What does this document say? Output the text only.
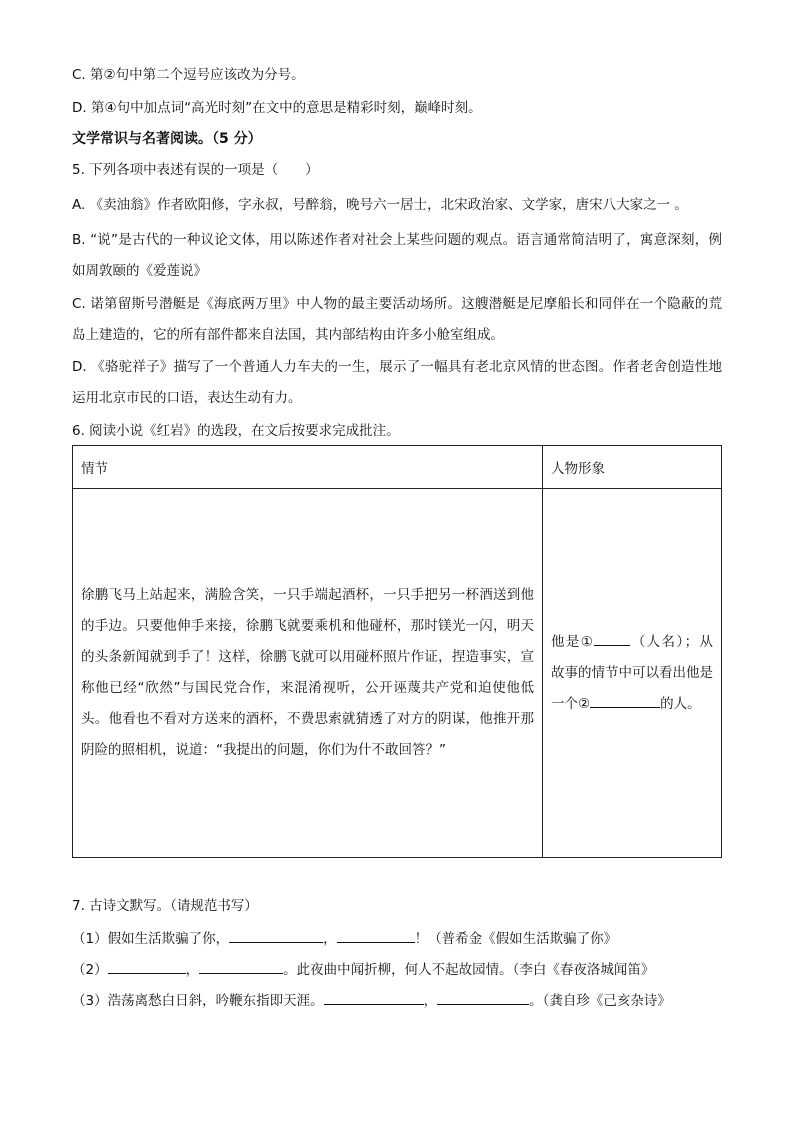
C. 第②句中第二个逗号应该改为分号。
D. 第④句中加点词“高光时刻”在文中的意思是精彩时刻，巅峰时刻。
文学常识与名著阅读。（5 分）
5. 下列各项中表述有误的一项是（　　）
A. 《卖油翁》作者欧阳修，字永叔，号醉翁，晚号六一居士，北宋政治家、文学家，唐宋八大家之一 。
B. “说”是古代的一种议论文体，用以陈述作者对社会上某些问题的观点。语言通常简洁明了，寓意深刻，例如周敦颐的《爱莲说》
C. 诺第留斯号潜艇是《海底两万里》中人物的最主要活动场所。这艘潜艇是尼摩船长和同伴在一个隐蔽的荒岛上建造的，它的所有部件都来自法国，其内部结构由许多小舱室组成。
D. 《骆驼祥子》描写了一个普通人力车夫的一生，展示了一幅具有老北京风情的世态图。作者老舍创造性地运用北京市民的口语，表达生动有力。
6. 阅读小说《红岩》的选段，在文后按要求完成批注。
情节	人物形象

徐鹏飞马上站起来，满脸含笑，一只手端起酒杯，一只手把另一杯酒送到他的手边。只要他伸手来接，徐鹏飞就要乘机和他碰杯，那时镁光一闪，明天的头条新闻就到手了！这样，徐鹏飞就可以用碰杯照片作证，捏造事实，宣称他已经“欣然”与国民党合作，来混淆视听，公开诬蔑共产党和迫使他低头。他看也不看对方送来的酒杯，不费思索就猜透了对方的阴谋，他推开那阴险的照相机，说道：“我提出的问题，你们为什不敢回答？”	他是① （人名）；从故事的情节中可以看出他是一个② 的人。
7. 古诗文默写。（请规范书写）
（1）假如生活欺骗了你，	，	！（普希金《假如生活欺骗了你》
（2）	，	。此夜曲中闻折柳，何人不起故园情。（李白《春夜洛城闻笛》
（3）浩荡离愁白日斜，吟鞭东指即天涯。	，	。（龚自珍《己亥杂诗》
